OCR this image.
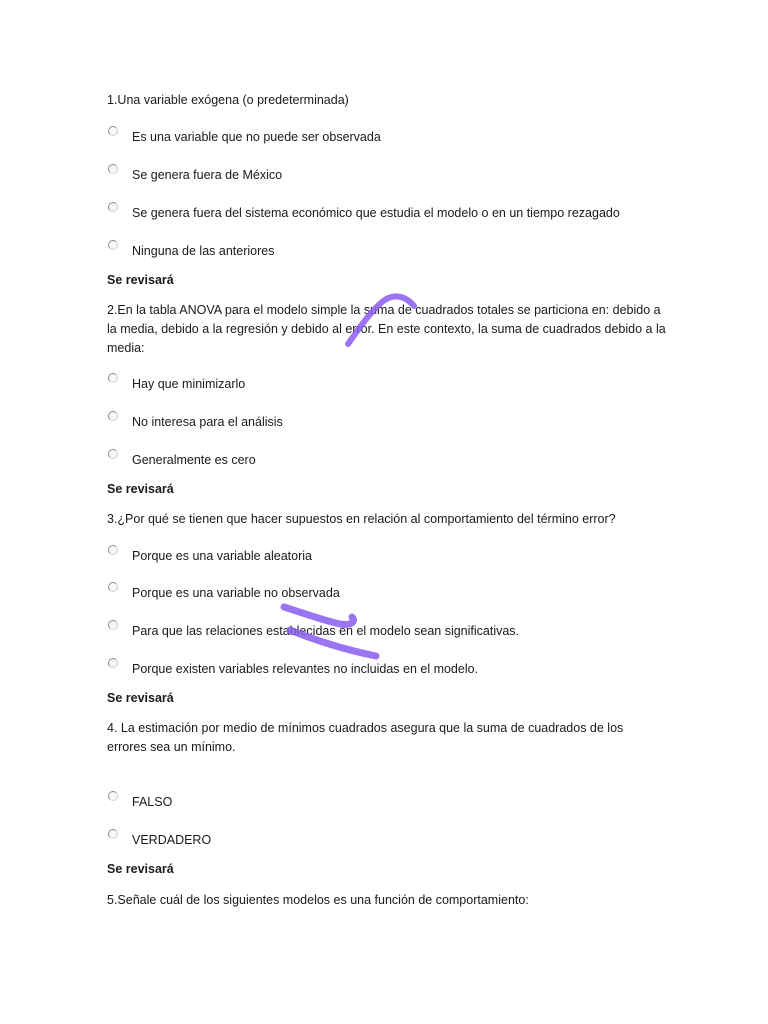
1.Una variable exógena (o predeterminada)

Es una variable que no puede ser observada
Se genera fuera de México
Se genera fuera del sistema económico que estudia el modelo o en un tiempo rezagado
Ninguna de las anteriores

Se revisará

2.En la tabla ANOVA para el modelo simple la suma de cuadrados totales se particiona en: debido a la media, debido a la regresión y debido al error. En este contexto, la suma de cuadrados debido a la media:

Hay que minimizarlo
No interesa para el análisis
Generalmente es cero

Se revisará

3.¿Por qué se tienen que hacer supuestos en relación al comportamiento del término error?

Porque es una variable aleatoria
Porque es una variable no observada
Para que las relaciones establecidas en el modelo sean significativas.
Porque existen variables relevantes no incluidas en el modelo.

Se revisará

4. La estimación por medio de mínimos cuadrados asegura que la suma de cuadrados de los errores sea un mínimo.

FALSO
VERDADERO

Se revisará

5.Señale cuál de los siguientes modelos es una función de comportamiento:
